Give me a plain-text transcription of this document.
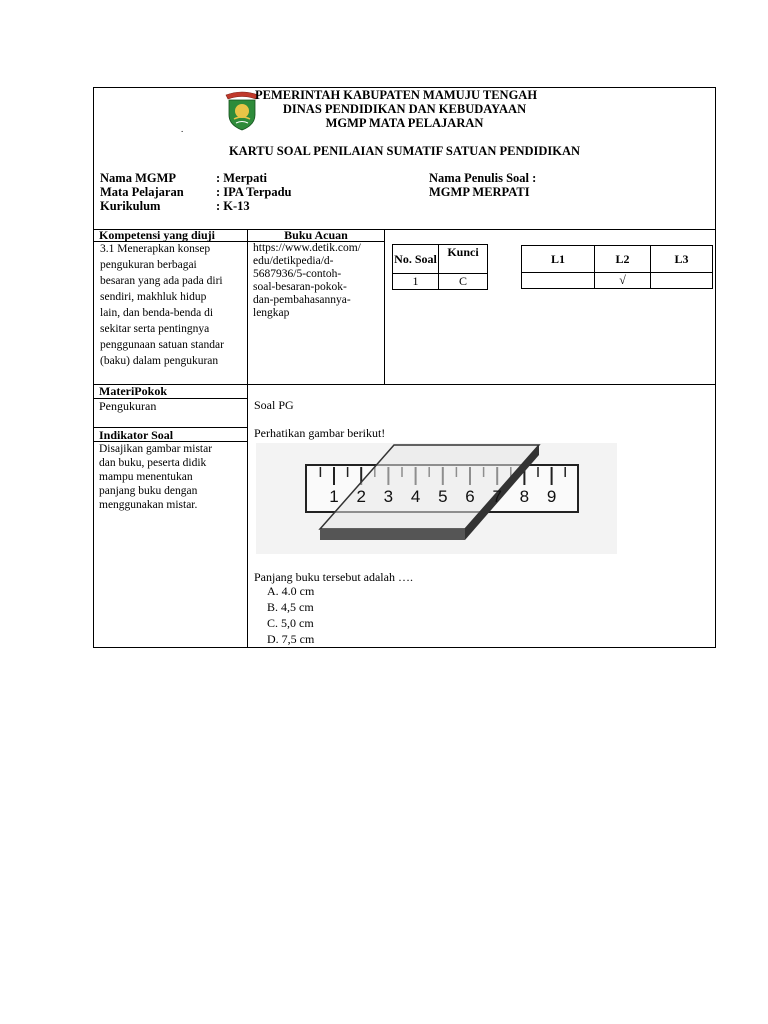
PEMERINTAH KABUPATEN MAMUJU TENGAH
DINAS PENDIDIKAN DAN KEBUDAYAAN
MGMP MATA PELAJARAN
.
KARTU SOAL PENILAIAN SUMATIF SATUAN PENDIDIKAN
Nama MGMP	: Merpati
Mata Pelajaran	: IPA Terpadu
Kurikulum	: K-13
Nama Penulis Soal :
MGMP MERPATI
Kompetensi yang diuji	Buku Acuan
3.1 Menerapkan konsep
pengukuran berbagai
besaran yang ada pada diri
sendiri, makhluk hidup
lain, dan benda-benda di
sekitar serta pentingnya
penggunaan satuan standar
(baku) dalam pengukuran
https://www.detik.com/
edu/detikpedia/d-
5687936/5-contoh-
soal-besaran-pokok-
dan-pembahasannya-
lengkap
No. Soal	Kunci
1	C
L1	L2	L3
	√	
MateriPokok
Pengukuran
Indikator Soal
Disajikan gambar mistar
dan buku, peserta didik
mampu menentukan
panjang buku dengan
menggunakan mistar.
Soal PG
Perhatikan gambar berikut!
1 2 3 4 5 6 7 8 9
Panjang buku tersebut adalah ….
A. 4.0 cm
B. 4,5 cm
C. 5,0 cm
D. 7,5 cm
